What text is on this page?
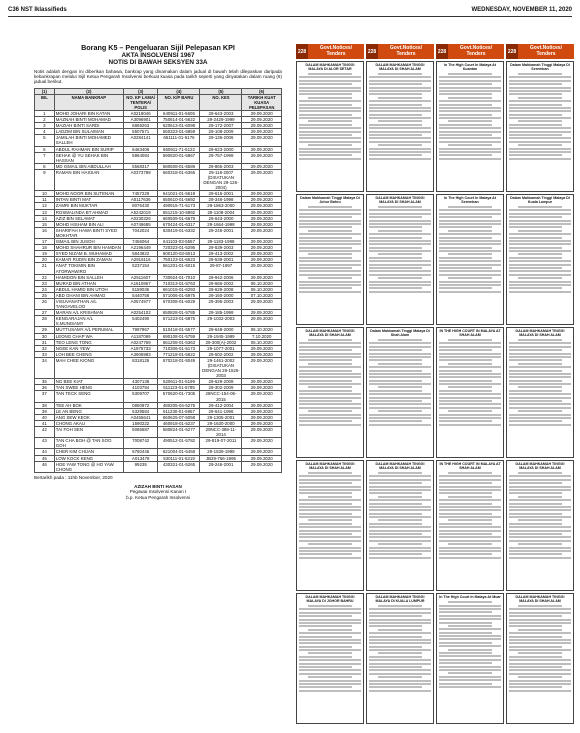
C36 NST Iklassifieds	WEDNESDAY, NOVEMBER 11, 2020
Borang K5 – Pengeluaran Sijil Pelepasan KPI
AKTA INSOLVENSI 1967
NOTIS DI BAWAH SEKSYEN 33A
Notis adalah dengan ini diberikan bahawa, bankrap yang dinamakan dalam jadual di bawah telah dilepaskan daripada kebankrapan melalui Sijil Ketua Pengarah Insolvensi berkuat kuasa pada tarikh seperti yang dinyatakan dalam ruang (6) jadual berikut.
(1)	(2)	(3)	(4)	(5)	(6)
BIL	NAMA BANKRAP	NO. KP LAMA/ TENTERA/ POLIS	NO. K/P BARU	NO. KES	TARIKH KUAT KUASA PELEPASAN
1	MOHD JOHARI BIN KATAN	A0218046	640911-01-5605	29-643-2003	29.09.2020
2	MAZNAH BINTI MOHAMAD	A3096901	750614-01-5622	29-2429-1999	29.09.2020
3	MAZIAH BINTI SARDI	6869263	620613-01-6098	29-172-2007	29.09.2020
4	LADZIM BIN SULAIMAN	5507571	560323-01-5859	29-108-2009	29.09.2020
5	JAMILAH BINTI MOHAMED SALLEH	A0284141	651111-01-5176	29-136-2006	29.09.2020
6	ABDUL RAHMAN BIN SURIP	6463406	660911-71-5122	29-623-2000	29.09.2020
7	SEHAK @ YU SEHAK BIN HASSAN	5964084	590820-01-5867	29-757-1999	29.09.2020
8	MD ISMAIL BIN ABDULLAH	5568317	580508-01-5589	29-865-2003	29.09.2020
9	RAMAN BIN HASSAN	A0373788	660318-01-6365	29-118-2007 (DISATUKAN DENGAN 29-126-2004)	29.09.2020
10	MOHD NOOR BIN SUTENAN	7457229	641021-01-5619	29-615-2001	29.09.2020
11	INTAN BINTI MAT	A0117636	650610-01-5692	29-346-1998	29.09.2020
12	ZAMRI BIN MUKTAR	8076430	490915-71-5173	29-1863-2000	29.09.2020
13	ROSMALINDA BT AHMAD	A5242019	651215-10-5892	29-1108-2004	29.09.2020
14	AZIZ BIN SELAMAT	A0230326	660509-01-6679	29-643-2000	29.09.2020
15	MOHD HISHAM BIN ALI	A0749685	670424-01-6317	29-1664-1998	29.09.2020
16	SHARIFAH HAWA BINTI SYED MOKHTAR	7042024	630419-01-6332	29-246-2001	29.09.2020
17	ISMAIL BIN JUSOH	7456064	641103-03-5557	29-1183-1998	29.09.2020
18	MOHD SHAHRUR BIN HAMDAN	A2196449	720323-01-5295	29-539-2003	29.09.2020
19	SYED NIZAM B. MUHAMAD	5843822	600120-03-5013	29-413-2002	29.09.2020
20	KAMAR RUDIN BIN ZAMAN	A2916116	750123-01-6623	29-539-2001	29.09.2020
21	ANAT TOKIMIN BIN ATORWAWIRO	5237154	561201-01-5015	29-87-1997	29.09.2020
22	HAMIDON BIN SALLEH	A2511607	730924-01-7010	29-942-2006	29.09.2020
23	MURAD BIN ATHAN	A1610867	710313-01-5763	29-666-2002	06.10.2020
24	ABDUL HAMID BIN UTOH	5159036	661015-01-6293	29-629-2008	06.10.2020
25	ABD GHANI BIN AHMAD	5440758	571006-01-5975	29-160-2000	07.10.2020
26	VISUVANATHAN A/L TANGAVELOO	A0574977	670308-01-6029	29-395-2003	29.09.2020
27	MARAN A/L KRISHNAN	A0254102	650828-01-5785	29-185-1999	29.09.2020
28	KENGARAJAN A/L S.MUNISAMY	5402490	571223-01-5875	29-1032-2003	29.09.2020
29	MUTTUSAMY A/L PERUMAL	7997967	510418-01-5577	29-648-2000	06.10.2020
30	LEONG CHAP WA	A1187099	690108-01-5759	29-1945-1999	7.10.2020
31	TEO LENG TONG	A0247769	661208-01-5363	29-300(A)-2002	06.10.2020
32	NGEE KAN YEW	A1975733	710306-01-5173	29-1077-2001	29.09.2020
33	LOH BEE CHENG	A3906983	771218-01-5622	29-502-2002	29.09.2020
34	MAH CHEE KIONG	8318126	670218-01-5049	29-1461-2002 (DISATUKAN DENGAN 29-1526-2003	29.09.2020
35	NG BEE KIAT	4307138	520611-01-5199	29-629-2008	29.09.2020
36	TAN SWEE HENG	4103794	511123-01-5785	29-302-2009	29.09.2020
37	TAN TECK SENG	5309707	570620-01-7305	29NCC-154-05-2015	29.09.2020
38	TEE AH BOK	0850972	480205-04-5275	29-412-2004	29.09.2020
39	LE AN BENG	6329584	611230-01-5957	29-641-1996	29.09.2020
40	ANG SEW KEOK	A0455641	660625-07-5058	29-1305-2001	29.09.2020
41	CHONG AKAU	1590222	460918-01-5237	29-1630-2000	29.09.2020
42	TAI FOH SEN	5086587	580824-01-5277	29NCC-388-11-2014	29.09.2020
43	TAN CHA BOH @ TAN SOO GOH	7008742	490512-01-5782	29-819-07-2011	29.09.2020
44	CHER KIM CHUAN	6760446	621004-01-6458	29-1539-1999	29.09.2020
45	LOW KOCK KENG	A013478	530111-01-5319	JB29-766-1995	29.09.2020
46	HOE YAW TONG @ HO YAW CHONG	99235	430321-01-5265	29-246-2001	29.09.2020
Bertarikh pada : 11hb November, 2020
AZIZAH BINTI HASAN
Pegawai Insolvensi Kanan I
b.p. Ketua Pengarah Insolvensi
228
Govt.Notices/
Tenders
DALAM MAHKAMAH TINGGI MALAYA DI ALOR SETAR
Dalam Mahkamah Tinggi Malaya Di Johor Bahru
DALAM MAHKAMAH TINGGI MALAYA DI SHAH ALAM
DALAM MAHKAMAH TINGGI MALAYA DI SHAH ALAM
DALAM MAHKAMAH TINGGI MALAYA DI JOHOR BAHRU
228
Govt.Notices/
Tenders
DALAM MAHKAMAH TINGGI MALAYA DI SHAH ALAM
DALAM MAHKAMAH TINGGI MALAYA DI SHAH ALAM
Dalam Mahkamah Tinggi Malaya Di Shah Alam
DALAM MAHKAMAH TINGGI MALAYA DI SHAH ALAM
DALAM MAHKAMAH TINGGI MALAYA DI KUALA LUMPUR
228
Govt.Notices/
Tenders
In The High Court In Malaya At Kuantan
In The High Court In Malaya At Seremban
IN THE HIGH COURT IN MALAYA AT SHAH ALAM
IN THE HIGH COURT IN MALAYA AT SHAH ALAM
In The High Court In Malaya At Muar
228
Govt.Notices/
Tenders
Dalam Mahkamah Tinggi Malaya Di Seremban
Dalam Mahkamah Tinggi Malaya Di Kuala Lumpur
DALAM MAHKAMAH TINGGI MALAYA DI SHAH ALAM
DALAM MAHKAMAH TINGGI MALAYA DI SHAH ALAM
DALAM MAHKAMAH TINGGI MALAYA DI SHAH ALAM
